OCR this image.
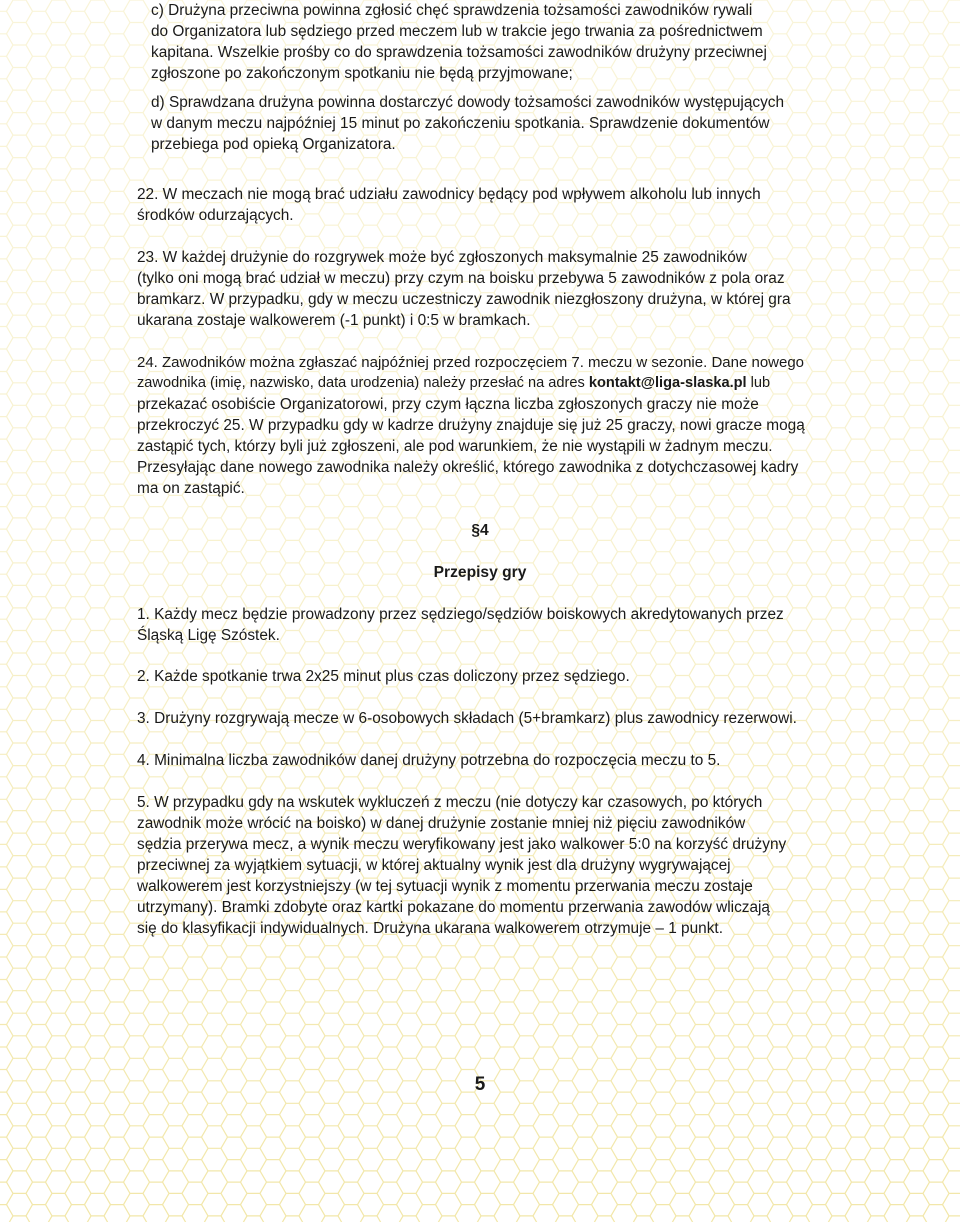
c) Drużyna przeciwna powinna zgłosić chęć sprawdzenia tożsamości zawodników rywali
do Organizatora lub sędziego przed meczem lub w trakcie jego trwania za pośrednictwem
kapitana. Wszelkie prośby co do sprawdzenia tożsamości zawodników drużyny przeciwnej
zgłoszone po zakończonym spotkaniu nie będą przyjmowane;

d) Sprawdzana drużyna powinna dostarczyć dowody tożsamości zawodników występujących
w danym meczu najpóźniej 15 minut po zakończeniu spotkania. Sprawdzenie dokumentów
przebiega pod opieką Organizatora.

22. W meczach nie mogą brać udziału zawodnicy będący pod wpływem alkoholu lub innych
środków odurzających.

23. W każdej drużynie do rozgrywek może być zgłoszonych maksymalnie 25 zawodników
(tylko oni mogą brać udział w meczu) przy czym na boisku przebywa 5 zawodników z pola oraz
bramkarz. W przypadku, gdy w meczu uczestniczy zawodnik niezgłoszony drużyna, w której gra
ukarana zostaje walkowerem (-1 punkt) i 0:5 w bramkach.

24. Zawodników można zgłaszać najpóźniej przed rozpoczęciem 7. meczu w sezonie. Dane nowego
zawodnika (imię, nazwisko, data urodzenia) należy przesłać na adres kontakt@liga-slaska.pl lub
przekazać osobiście Organizatorowi, przy czym łączna liczba zgłoszonych graczy nie może
przekroczyć 25. W przypadku gdy w kadrze drużyny znajduje się już 25 graczy, nowi gracze mogą
zastąpić tych, którzy byli już zgłoszeni, ale pod warunkiem, że nie wystąpili w żadnym meczu.
Przesyłając dane nowego zawodnika należy określić, którego zawodnika z dotychczasowej kadry
ma on zastąpić.

§4
Przepisy gry

1. Każdy mecz będzie prowadzony przez sędziego/sędziów boiskowych akredytowanych przez
Śląską Ligę Szóstek.

2. Każde spotkanie trwa 2x25 minut plus czas doliczony przez sędziego.

3. Drużyny rozgrywają mecze w 6-osobowych składach (5+bramkarz) plus zawodnicy rezerwowi.

4. Minimalna liczba zawodników danej drużyny potrzebna do rozpoczęcia meczu to 5.

5. W przypadku gdy na wskutek wykluczeń z meczu (nie dotyczy kar czasowych, po których
zawodnik może wrócić na boisko) w danej drużynie zostanie mniej niż pięciu zawodników
sędzia przerywa mecz, a wynik meczu weryfikowany jest jako walkower 5:0 na korzyść drużyny
przeciwnej za wyjątkiem sytuacji, w której aktualny wynik jest dla drużyny wygrywającej
walkowerem jest korzystniejszy (w tej sytuacji wynik z momentu przerwania meczu zostaje
utrzymany). Bramki zdobyte oraz kartki pokazane do momentu przerwania zawodów wliczają
się do klasyfikacji indywidualnych. Drużyna ukarana walkowerem otrzymuje – 1 punkt.

5
